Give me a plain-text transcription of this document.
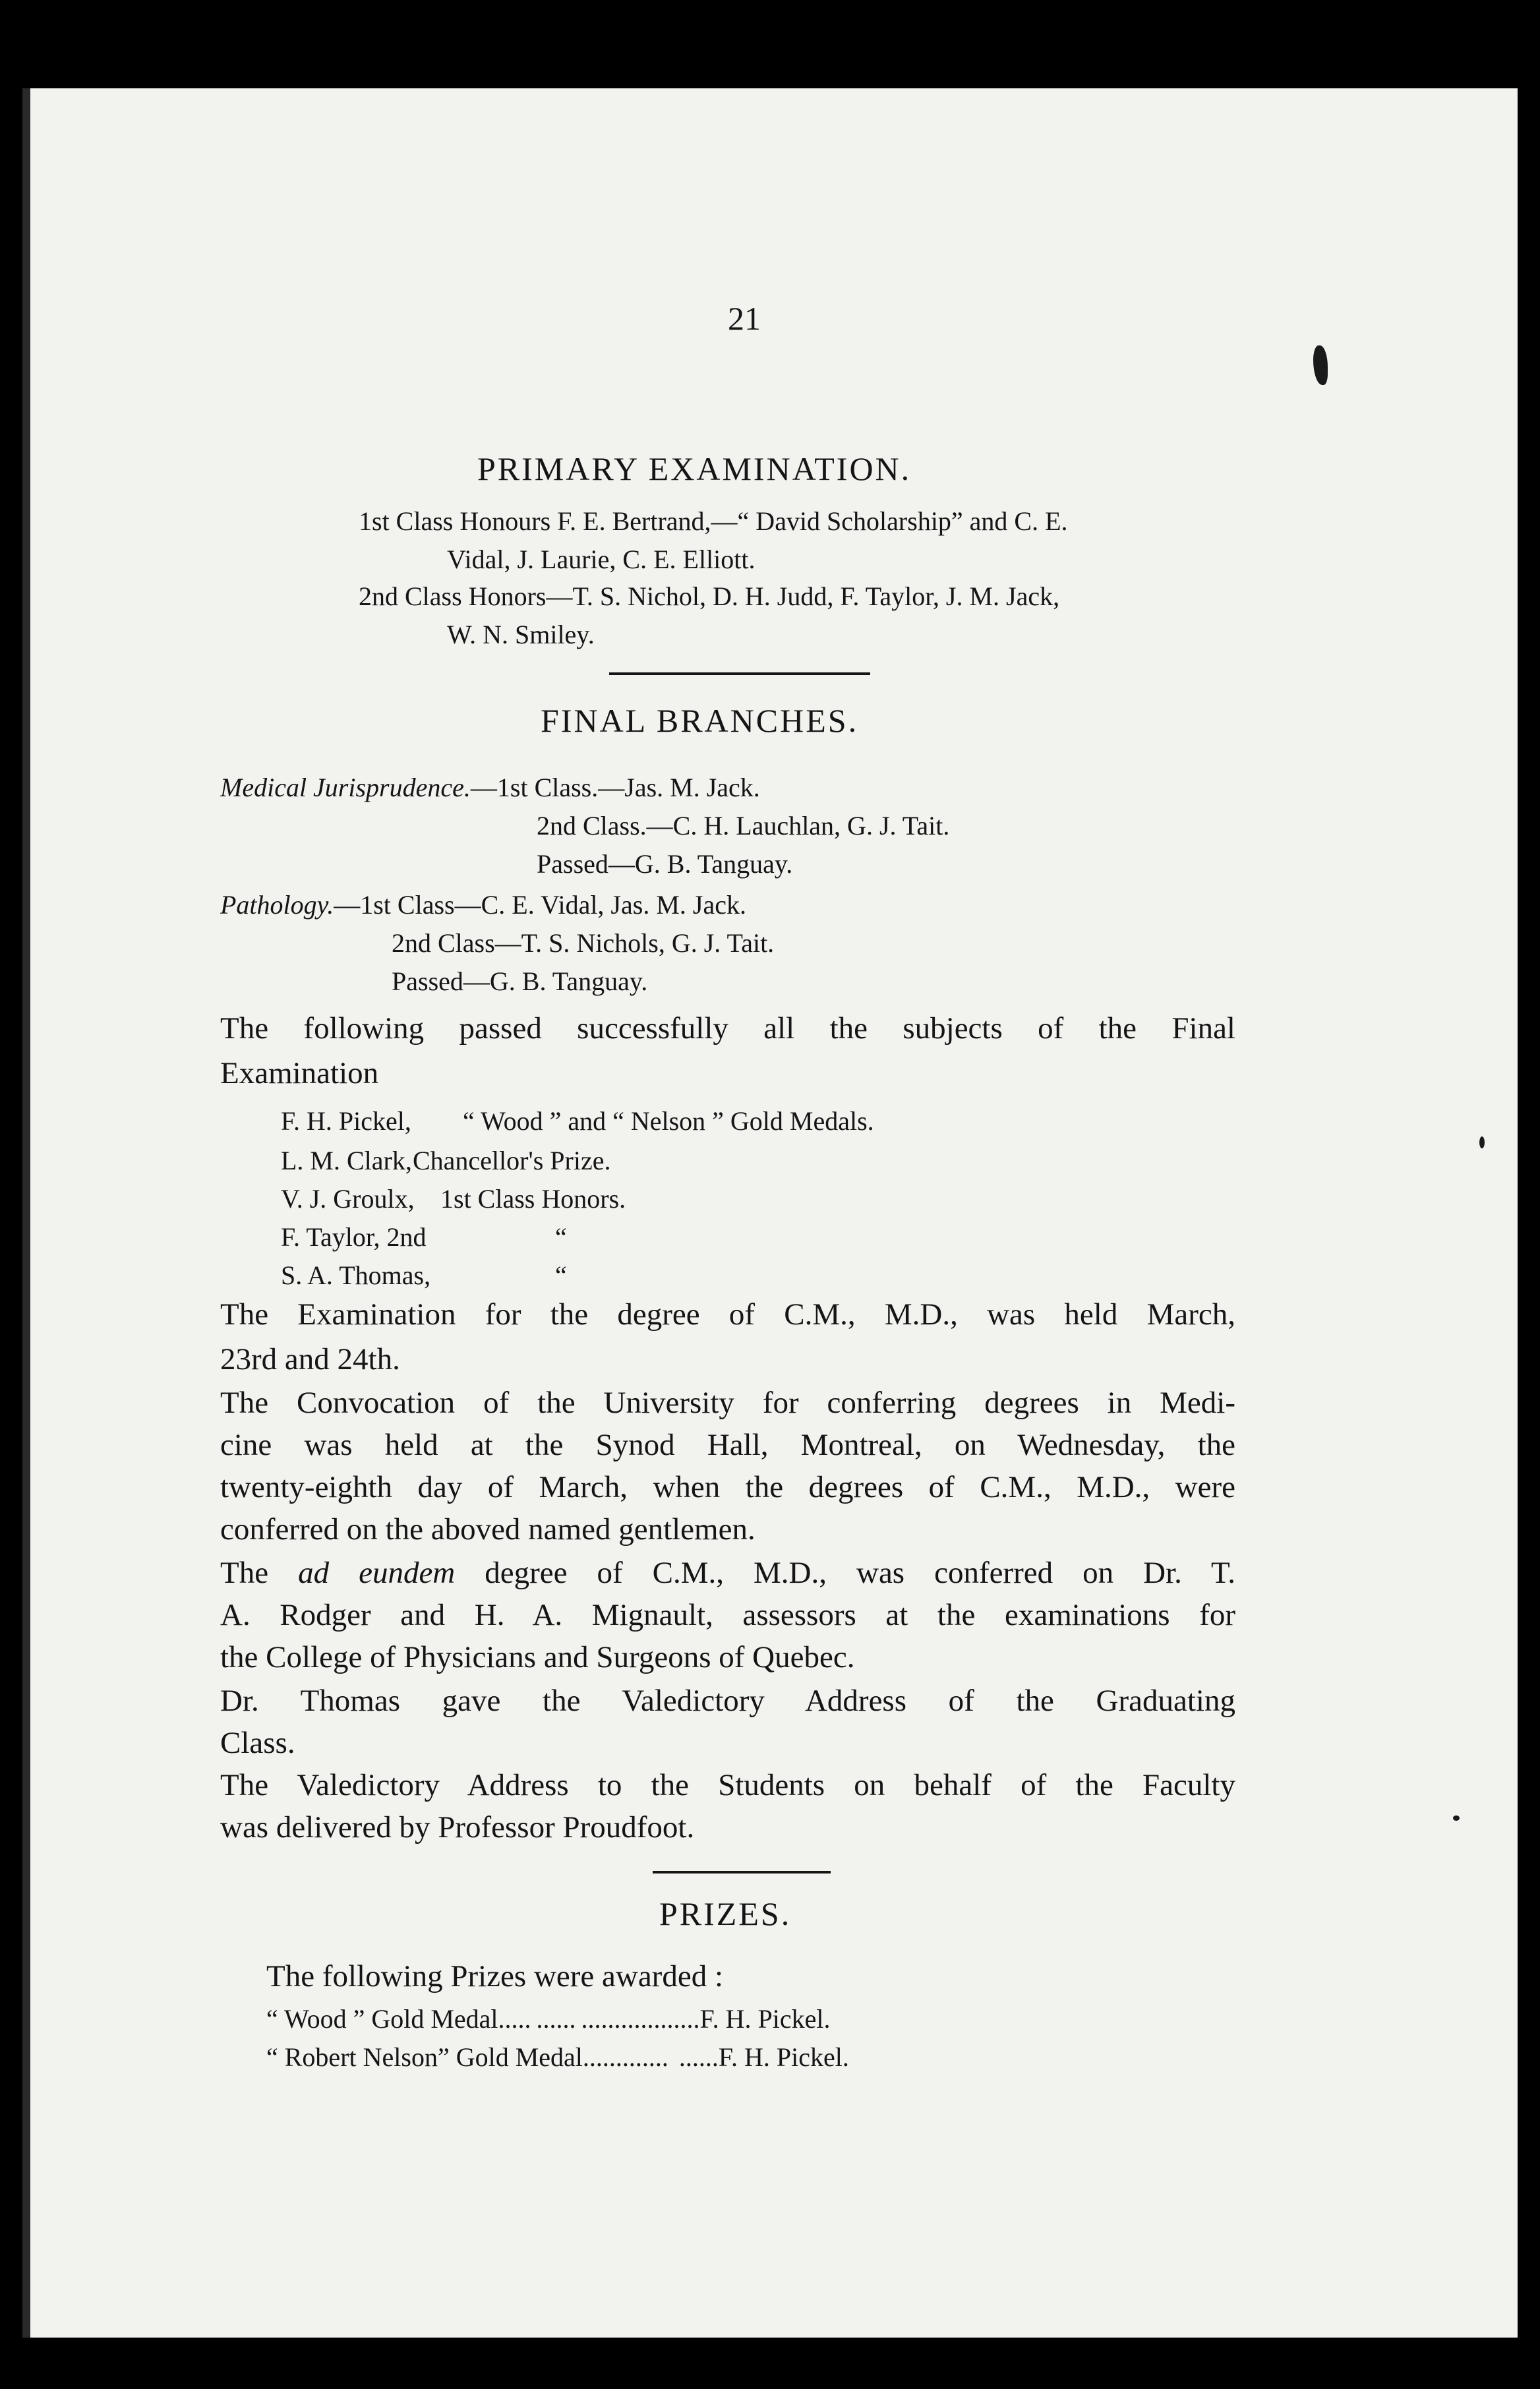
21
PRIMARY EXAMINATION.
1st Class Honours F. E. Bertrand,—“ David Scholarship” and C. E.
Vidal, J. Laurie, C. E. Elliott.
2nd Class Honors—T. S. Nichol, D. H. Judd, F. Taylor, J. M. Jack,
W. N. Smiley.
FINAL BRANCHES.
Medical Jurisprudence.—1st Class.—Jas. M. Jack.
2nd Class.—C. H. Lauchlan, G. J. Tait.
Passed—G. B. Tanguay.
Pathology.—1st Class—C. E. Vidal, Jas. M. Jack.
2nd Class—T. S. Nichols, G. J. Tait.
Passed—G. B. Tanguay.
The following passed successfully all the subjects of the Final
Examination
F. H. Pickel, “ Wood ” and “ Nelson ” Gold Medals.
L. M. Clark, Chancellor's Prize.
V. J. Groulx, 1st Class Honors.
F. Taylor, 2nd	“
S. A. Thomas,	“
The Examination for the degree of C.M., M.D., was held March,
23rd and 24th.
The Convocation of the University for conferring degrees in Medi-
cine was held at the Synod Hall, Montreal, on Wednesday, the
twenty-eighth day of March, when the degrees of C.M., M.D., were
conferred on the aboved named gentlemen.
The ad eundem degree of C.M., M.D., was conferred on Dr. T.
A. Rodger and H. A. Mignault, assessors at the examinations for
the College of Physicians and Surgeons of Quebec.
Dr. Thomas gave the Valedictory Address of the Graduating
Class.
The Valedictory Address to the Students on behalf of the Faculty
was delivered by Professor Proudfoot.
PRIZES.
The following Prizes were awarded :
“ Wood ” Gold Medal..... ...... ..................F. H. Pickel.
“ Robert Nelson” Gold Medal.............  ......F. H. Pickel.
